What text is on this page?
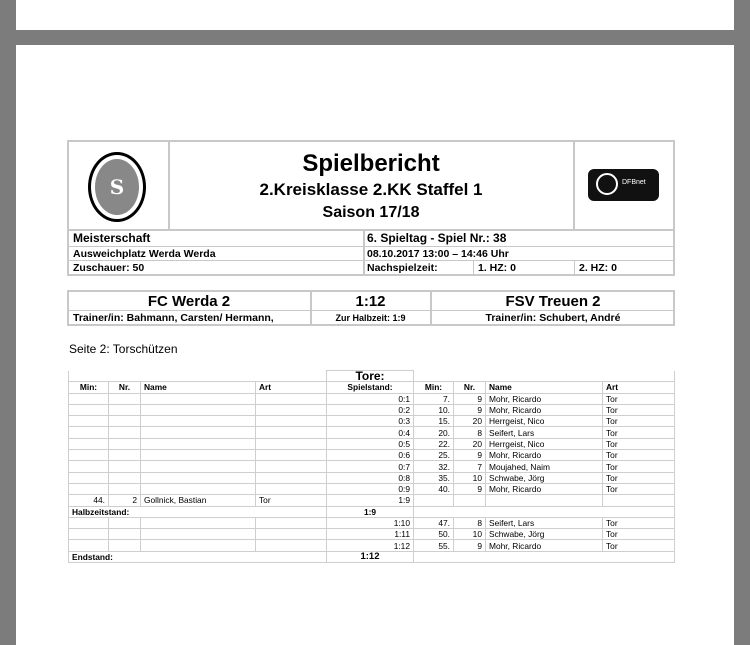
S
Spielbericht
2.Kreisklasse 2.KK Staffel 1
Saison 17/18
DFBnet
Meisterschaft	6. Spieltag - Spiel Nr.: 38
Ausweichplatz Werda Werda	08.10.2017 13:00 – 14:46 Uhr
Zuschauer: 50	Nachspielzeit:	1. HZ: 0	2. HZ: 0
FC Werda 2	1:12	FSV Treuen 2
Trainer/in: Bahmann, Carsten/ Hermann,	Zur Halbzeit: 1:9	Trainer/in: Schubert, André
Seite 2: Torschützen
				Tore:				
Min:	Nr.	Name	Art	Spielstand:	Min:	Nr.	Name	Art
				0:1	7.	9	Mohr, Ricardo	Tor
				0:2	10.	9	Mohr, Ricardo	Tor
				0:3	15.	20	Herrgeist, Nico	Tor
				0:4	20.	8	Seifert, Lars	Tor
				0:5	22.	20	Herrgeist, Nico	Tor
				0:6	25.	9	Mohr, Ricardo	Tor
				0:7	32.	7	Moujahed, Naim	Tor
				0:8	35.	10	Schwabe, Jörg	Tor
				0:9	40.	9	Mohr, Ricardo	Tor
44.	2	Gollnick, Bastian	Tor	1:9				
Halbzeitstand:				1:9				
				1:10	47.	8	Seifert, Lars	Tor
				1:11	50.	10	Schwabe, Jörg	Tor
				1:12	55.	9	Mohr, Ricardo	Tor
Endstand:				1:12				
